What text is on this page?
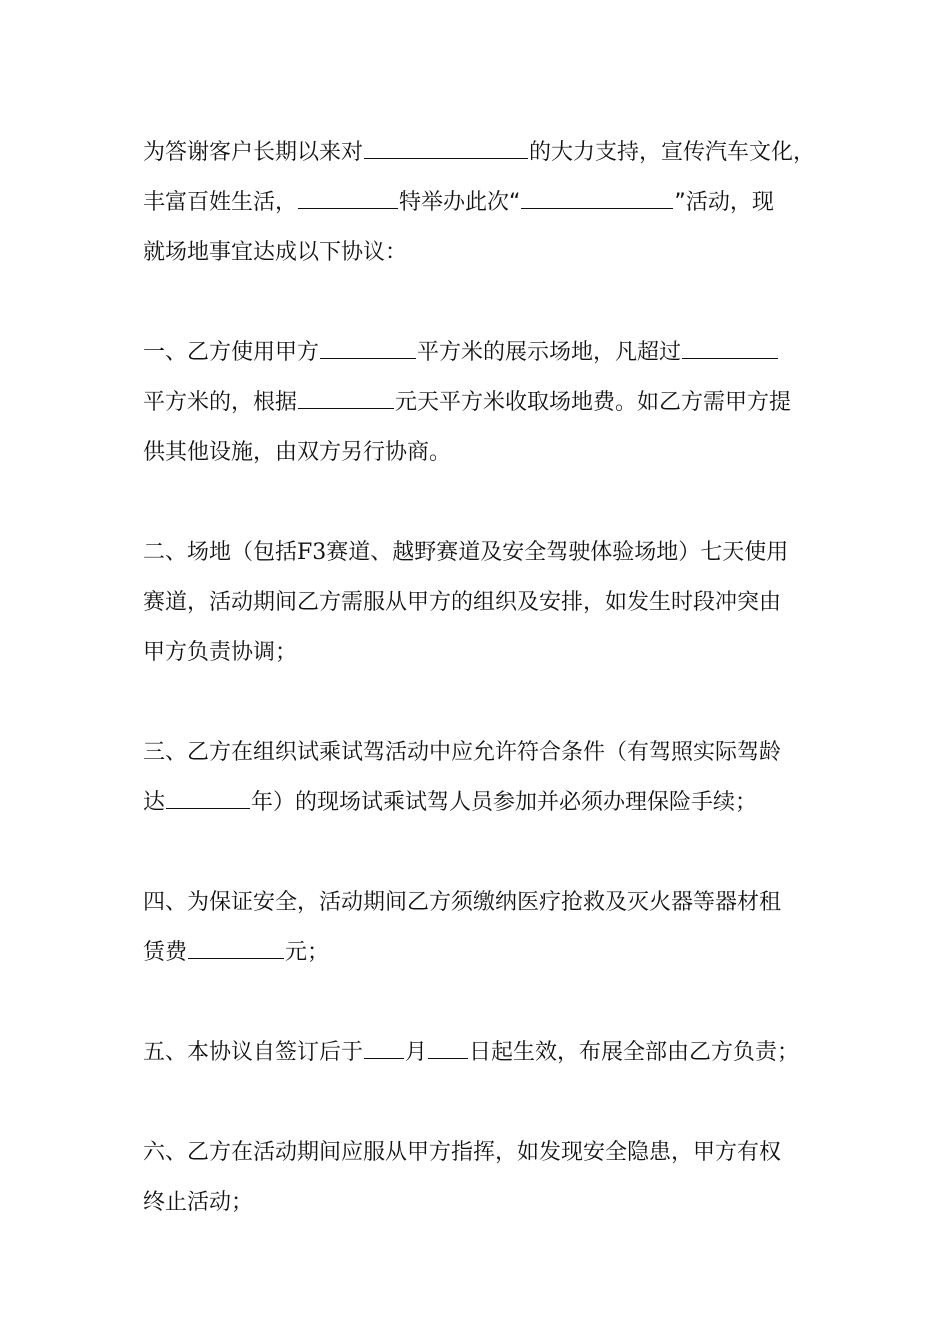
为答谢客户长期以来对	的大力支持，宣传汽车文化，
丰富百姓生活，	特举办此次“	”活动，现
就场地事宜达成以下协议：

一、乙方使用甲方	平方米的展示场地，凡超过
平方米的，根据	元天平方米收取场地费。如乙方需甲方提
供其他设施，由双方另行协商。

二、场地（包括F3赛道、越野赛道及安全驾驶体验场地）七天使用
赛道，活动期间乙方需服从甲方的组织及安排，如发生时段冲突由
甲方负责协调；

三、乙方在组织试乘试驾活动中应允许符合条件（有驾照实际驾龄
达	年）的现场试乘试驾人员参加并必须办理保险手续；

四、为保证安全，活动期间乙方须缴纳医疗抢救及灭火器等器材租
赁费	元；

五、本协议自签订后于 月 日起生效，布展全部由乙方负责；

六、乙方在活动期间应服从甲方指挥，如发现安全隐患，甲方有权
终止活动；
